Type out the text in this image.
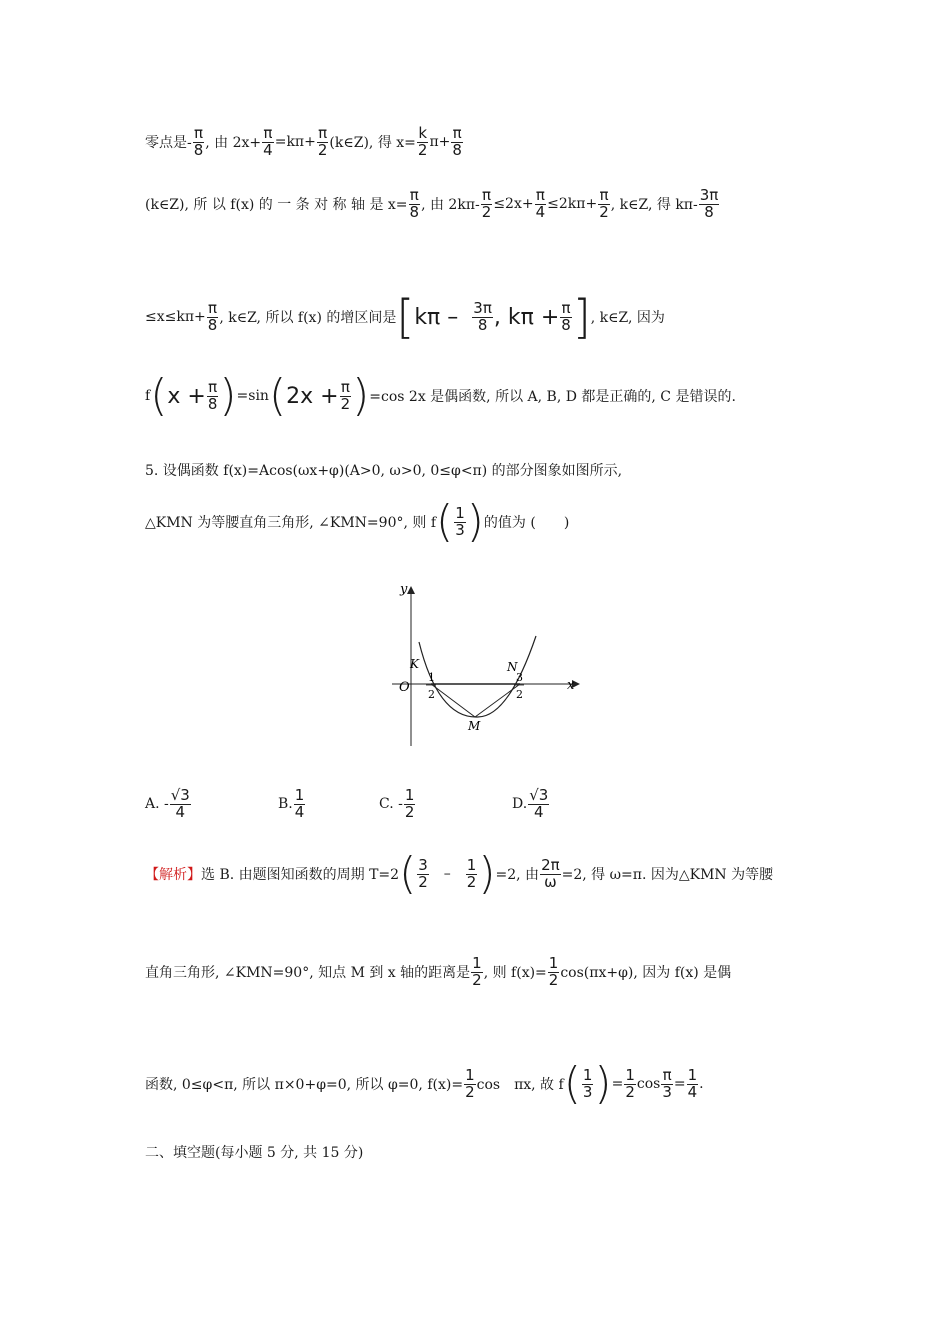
零点是- $\frac{\pi}{8}$ , 由 $2x+ \frac{\pi}{4} =k\pi+ \frac{\pi}{2}$ (k∈Z), 得 $x= \frac{k}{2} \pi+ \frac{\pi}{8}$
(k∈Z), 所 以 f(x) 的 一 条 对 称 轴 是 $x= \frac{\pi}{8}$ , 由 $2k\pi- \frac{\pi}{2} \le 2x+ \frac{\pi}{4} \le 2k\pi+ \frac{\pi}{2}$ , k∈Z, 得 $k\pi- \frac{3\pi}{8}$
$\le x\le k\pi+ \frac{\pi}{8}$ , k∈Z, 所以 f(x) 的增区间是 [ kπ – $\frac{3\pi}{8}$ , $k\pi + \frac{\pi}{8}$ ] , k∈Z, 因为
f ( $x + \frac{\pi}{8}$ ) =sin ( $2x + \frac{\pi}{2}$ ) =cos 2x 是偶函数, 所以 A, B, D 都是正确的, C 是错误的.
5. 设偶函数 f(x)=Acos(ωx+φ)(A>0, ω>0, 0≤φ<π) 的部分图象如图所示,
△KMN 为等腰直角三角形, ∠KMN=90°, 则 f ( $\frac{1}{3}$ ) 的值为 (　　)
y
x
O
K	N
M
1
2
3
2
A. - $\frac{√3}{4}$	B. $\frac{1}{4}$	C. - $\frac{1}{2}$	D. $\frac{√3}{4}$
【解析】 选 B. 由题图知函数的周期 T=2 ( $\frac{3}{2} - \frac{1}{2}$ ) =2, 由 $\frac{2\pi}{\omega} =2$, 得 ω=π. 因为△KMN 为等腰
直角三角形, ∠KMN=90°, 知点 M 到 x 轴的距离是 $\frac{1}{2}$ , 则 $f(x)= \frac{1}{2} \cos(\pi x+\varphi)$, 因为 f(x) 是偶
函数, 0≤φ<π, 所以 π×0+φ=0, 所以 φ=0, $f(x)= \frac{1}{2}$ cos　πx, 故 f ( $\frac{1}{3}$ ) = $\frac{1}{2}$ $\cos \frac{\pi}{3} = \frac{1}{4}$ .
二、填空题(每小题 5 分, 共 15 分)
